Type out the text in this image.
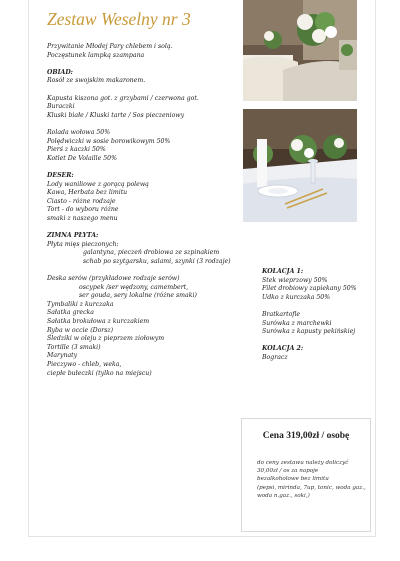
Zestaw Weselny nr 3
Przywitanie Młodej Pary chlebem i solą.
Poczęstunek lampką szampana
OBIAD:
Rosół ze swojskim makaronem.
Kapusta kiszona got. z grzybami / czerwona got.
Buraczki
Kluski białe / Kluski tarte / Sos pieczeniowy
Rolada wołowa 50%
Polędwiczki w sosie borowikowym 50%
Pierś z kaczki 50%
Kotlet De Volaille 50%
DESER:
Lody waniliowe z gorącą polewą
Kawa, Herbata bez limitu
Ciasto - różne rodzaje
Tort - do wyboru różne
smaki z naszego menu
ZIMNA PŁYTA:
Płyta mięs pieczonych:
galantyna, pieczeń drobiowa ze szpinakiem
schab po szytgarsku, salami, szynki (3 rodzaje)
Deska serów (przykładowe rodzaje serów)
oscypek /ser wędzony, camembert,
ser gouda, sery lokalne (różne smaki)
Tymbaliki z kurczaka
Sałatka grecka
Sałatka brokułowa z kurczakiem
Ryba w occie (Dorsz)
Śledziki w oleju z pieprzem ziołowym
Tortille (3 smaki)
Marynaty
Pieczywo - chleb, weka,
ciepłe bułeczki (tylko na miejscu)
KOLACJA 1:
Stek wieprzowy 50%
Filet drobiowy zapiekany 50%
Udko z kurczaka 50%
Bratkartofle
Surówka z marchewki
Surówka z kapusty pekińskiej
KOLACJA 2:
Bogracz
Cena 319,00zł / osobę
do ceny zestawu należy doliczyć
30,00zł / os za napoje
bezalkoholowe bez limitu
(pepsi, mirinda, 7up, tonic, woda gaz.,
woda n.gaz., soki,)
